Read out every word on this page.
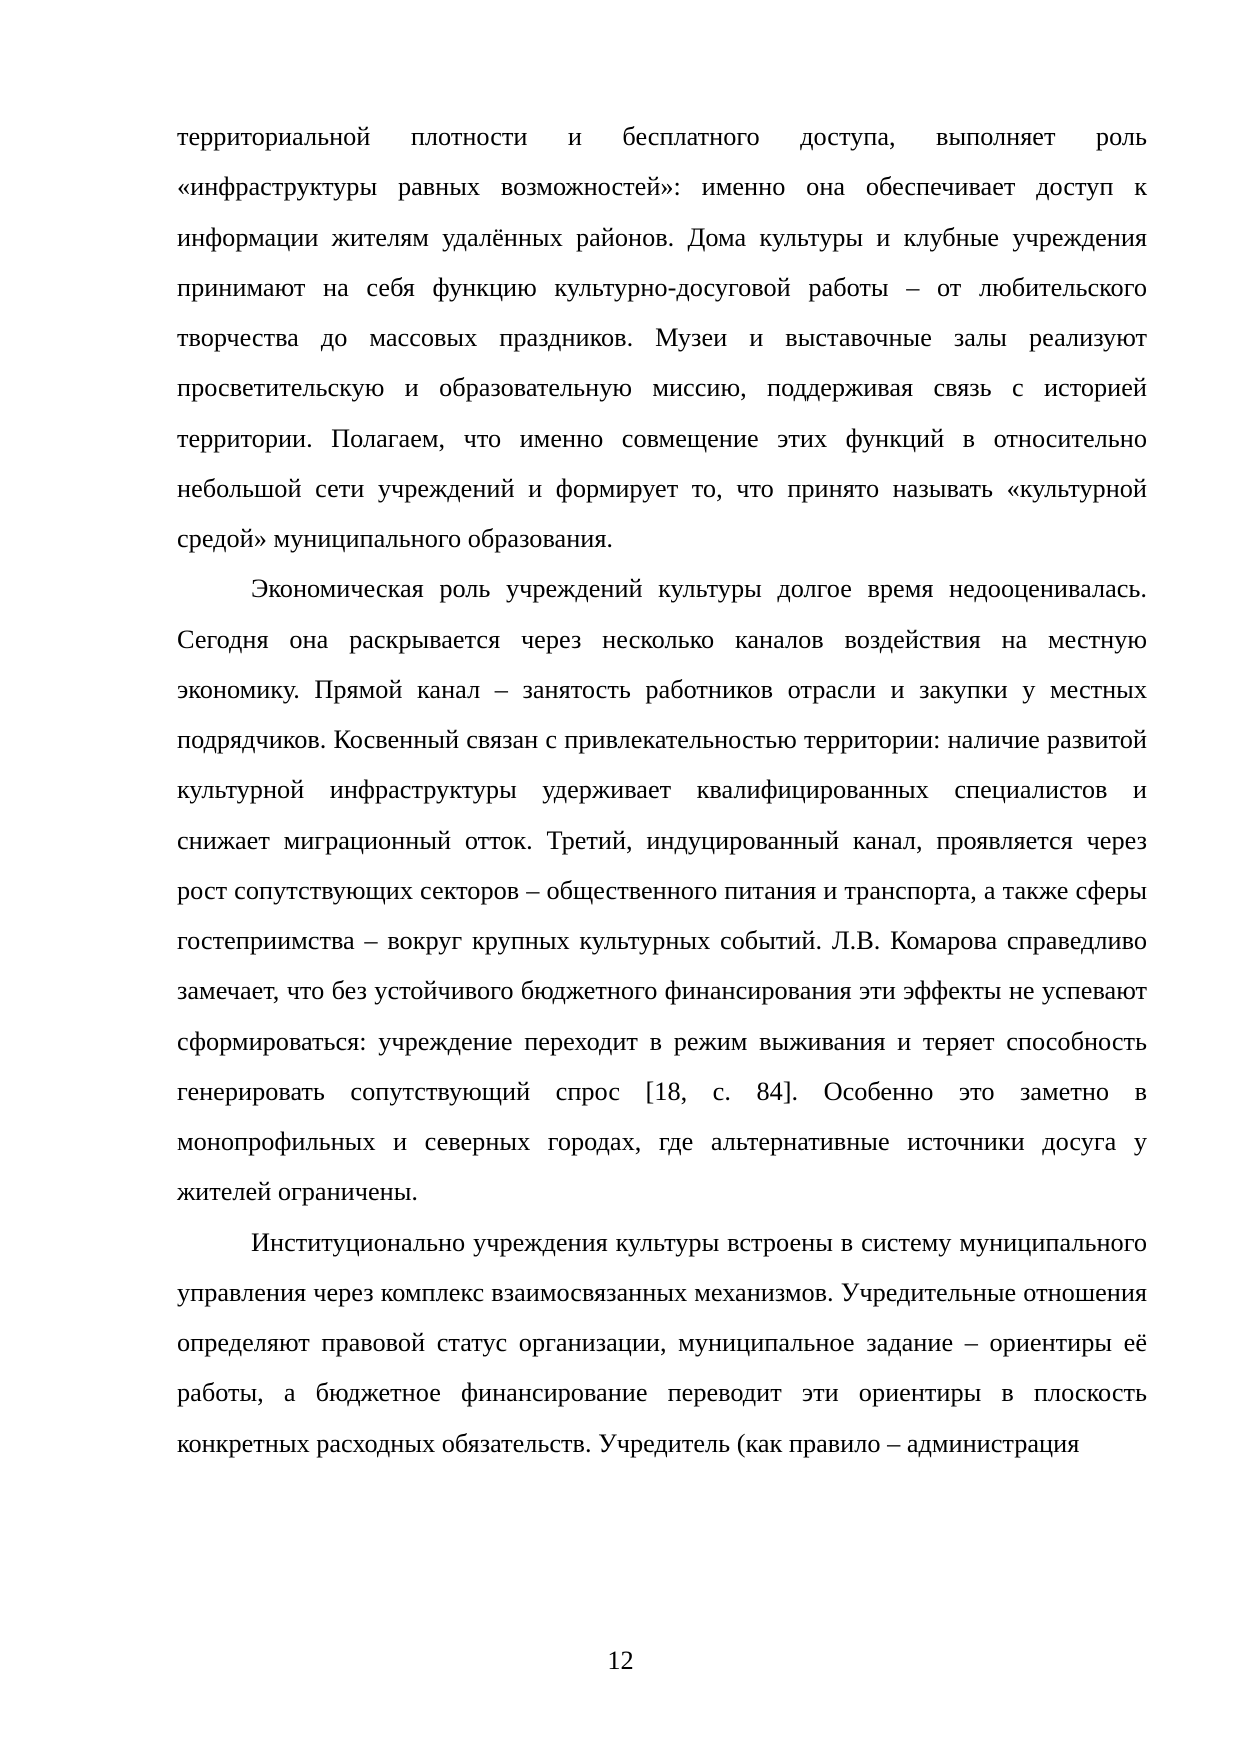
территориальной плотности и бесплатного доступа, выполняет роль «инфраструктуры равных возможностей»: именно она обеспечивает доступ к информации жителям удалённых районов. Дома культуры и клубные учреждения принимают на себя функцию культурно-досуговой работы – от любительского творчества до массовых праздников. Музеи и выставочные залы реализуют просветительскую и образовательную миссию, поддерживая связь с историей территории. Полагаем, что именно совмещение этих функций в относительно небольшой сети учреждений и формирует то, что принято называть «культурной средой» муниципального образования.

Экономическая роль учреждений культуры долгое время недооценивалась. Сегодня она раскрывается через несколько каналов воздействия на местную экономику. Прямой канал – занятость работников отрасли и закупки у местных подрядчиков. Косвенный связан с привлекательностью территории: наличие развитой культурной инфраструктуры удерживает квалифицированных специалистов и снижает миграционный отток. Третий, индуцированный канал, проявляется через рост сопутствующих секторов – общественного питания и транспорта, а также сферы гостеприимства – вокруг крупных культурных событий. Л.В. Комарова справедливо замечает, что без устойчивого бюджетного финансирования эти эффекты не успевают сформироваться: учреждение переходит в режим выживания и теряет способность генерировать сопутствующий спрос [18, с. 84]. Особенно это заметно в монопрофильных и северных городах, где альтернативные источники досуга у жителей ограничены.

Институционально учреждения культуры встроены в систему муниципального управления через комплекс взаимосвязанных механизмов. Учредительные отношения определяют правовой статус организации, муниципальное задание – ориентиры её работы, а бюджетное финансирование переводит эти ориентиры в плоскость конкретных расходных обязательств. Учредитель (как правило – администрация

12
